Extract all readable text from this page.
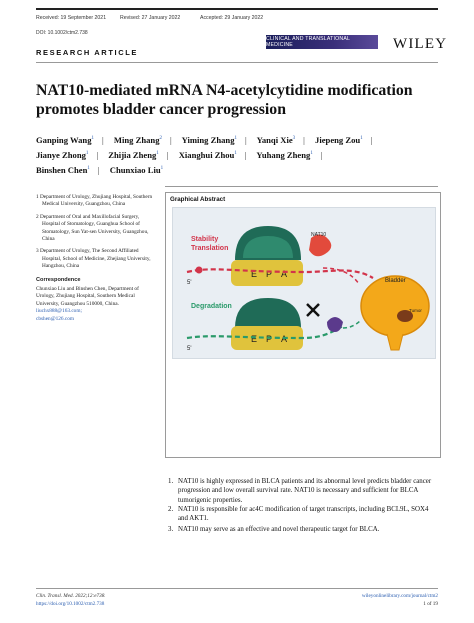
Received: 19 September 2021	Revised: 27 January 2022	Accepted: 29 January 2022
DOI: 10.1002/ctm2.738
RESEARCH ARTICLE
CLINICAL AND TRANSLATIONAL MEDICINE	WILEY
NAT10-mediated mRNA N4-acetylcytidine modification promotes bladder cancer progression
Ganping Wang$^1$ | Ming Zhang$^2$ | Yiming Zhang$^1$ | Yanqi Xie$^3$ | Jiepeng Zou$^1$ |
Jianye Zhong$^1$ | Zhijia Zheng$^1$ | Xianghui Zhou$^1$ | Yuhang Zheng$^1$ |
Binshen Chen$^1$ | Chunxiao Liu$^1$

1 Department of Urology, Zhujiang Hospital, Southern Medical University, Guangzhou, China

2 Department of Oral and Maxillofacial Surgery, Hospital of Stomatology, Guanghua School of Stomatology, Sun Yat-sen University, Guangzhou, China

3 Department of Urology, The Second Affiliated Hospital, School of Medicine, Zhejiang University, Hangzhou, China

Correspondence
Chunxiao Liu and Binshen Chen, Department of Urology, Zhujiang Hospital, Southern Medical University, Guangzhou 510000, China.
liuchx888@163.com;
cbshen@126.com
Graphical Abstract
E P A
5'
Stability
Translation
NAT10
E P A
5'
Degradation
Bladder
Tumor
1. NAT10 is highly expressed in BLCA patients and its abnormal level predicts bladder cancer progression and low overall survival rate. NAT10 is necessary and sufficient for BLCA tumorigenic properties.
2. NAT10 is responsible for ac4C modification of target transcripts, including BCL9L, SOX4 and AKT1.
3. NAT10 may serve as an effective and novel therapeutic target for BLCA.
Clin. Transl. Med. 2022;12:e738.
https://doi.org/10.1002/ctm2.738
wileyonlinelibrary.com/journal/ctm2
1 of 19
